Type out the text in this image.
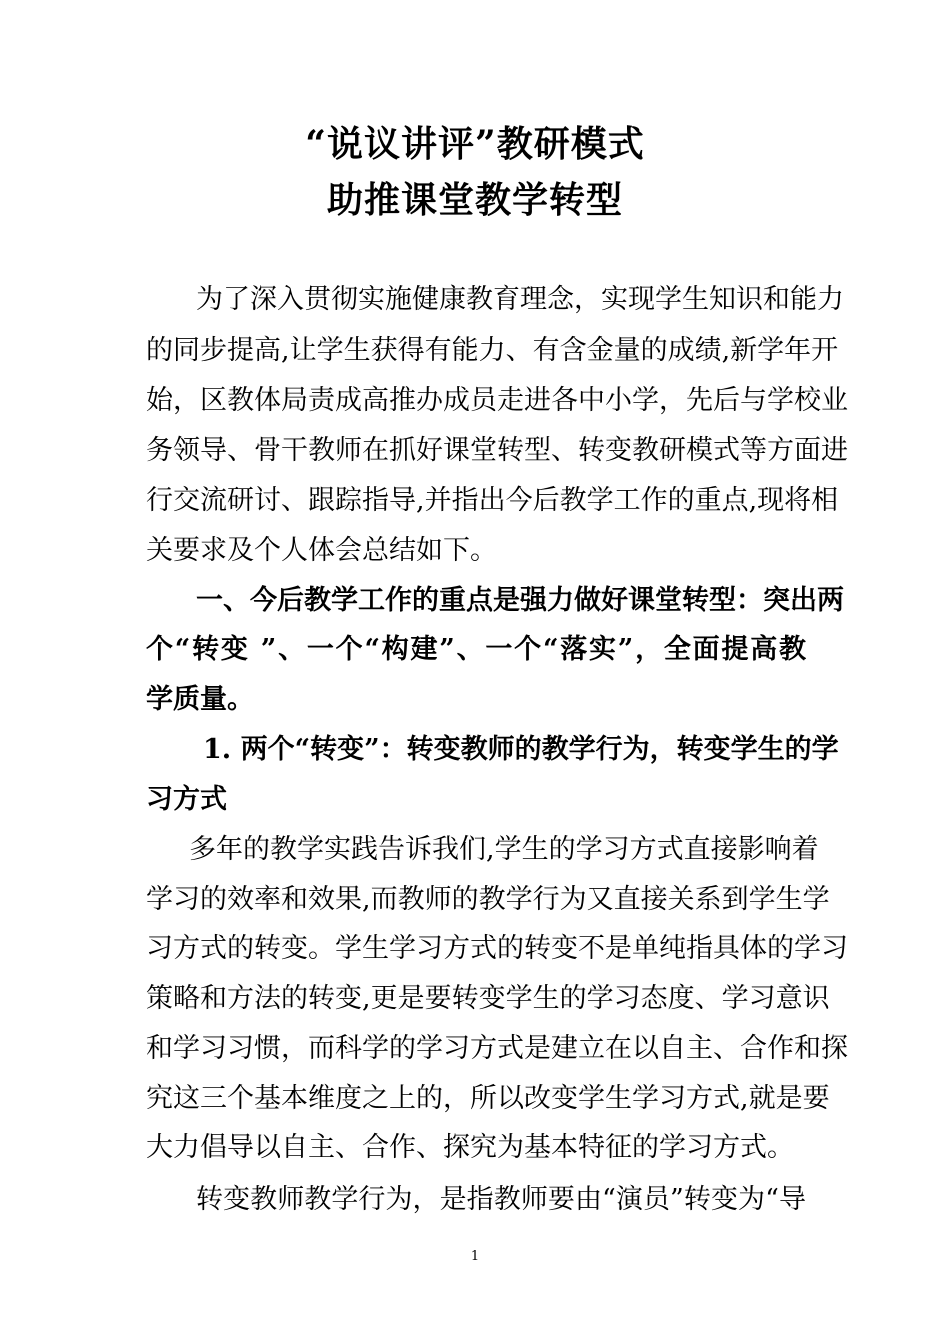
“说议讲评”教研模式
助推课堂教学转型
为了深入贯彻实施健康教育理念，实现学生知识和能力
的同步提高,让学生获得有能力、有含金量的成绩,新学年开
始，区教体局责成高推办成员走进各中小学，先后与学校业
务领导、骨干教师在抓好课堂转型、转变教研模式等方面进
行交流研讨、跟踪指导,并指出今后教学工作的重点,现将相
关要求及个人体会总结如下。
一、今后教学工作的重点是强力做好课堂转型：突出两
个“转变 ”、一个“构建”、一个“落实”，全面提高教
学质量。
1. 两个“转变”：转变教师的教学行为，转变学生的学
习方式
多年的教学实践告诉我们,学生的学习方式直接影响着
学习的效率和效果,而教师的教学行为又直接关系到学生学
习方式的转变。学生学习方式的转变不是单纯指具体的学习
策略和方法的转变,更是要转变学生的学习态度、学习意识
和学习习惯，而科学的学习方式是建立在以自主、合作和探
究这三个基本维度之上的，所以改变学生学习方式,就是要
大力倡导以自主、合作、探究为基本特征的学习方式。
转变教师教学行为，是指教师要由“演员”转变为“导
1
